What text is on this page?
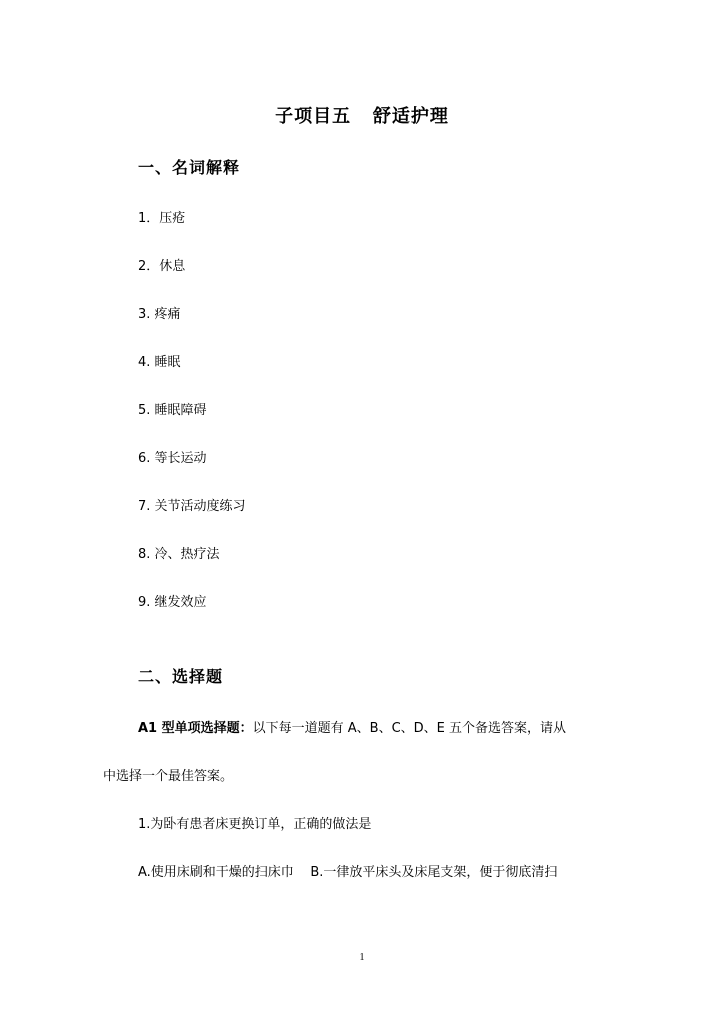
子项目五   舒适护理
一、名词解释
1．压疮
2．休息
3. 疼痛
4. 睡眠
5. 睡眠障碍
6. 等长运动
7. 关节活动度练习
8. 冷、热疗法
9. 继发效应
二、选择题
A1 型单项选择题：以下每一道题有 A、B、C、D、E 五个备选答案，请从
中选择一个最佳答案。
1.为卧有患者床更换订单，正确的做法是
A.使用床刷和干燥的扫床巾    B.一律放平床头及床尾支架，便于彻底清扫
1
